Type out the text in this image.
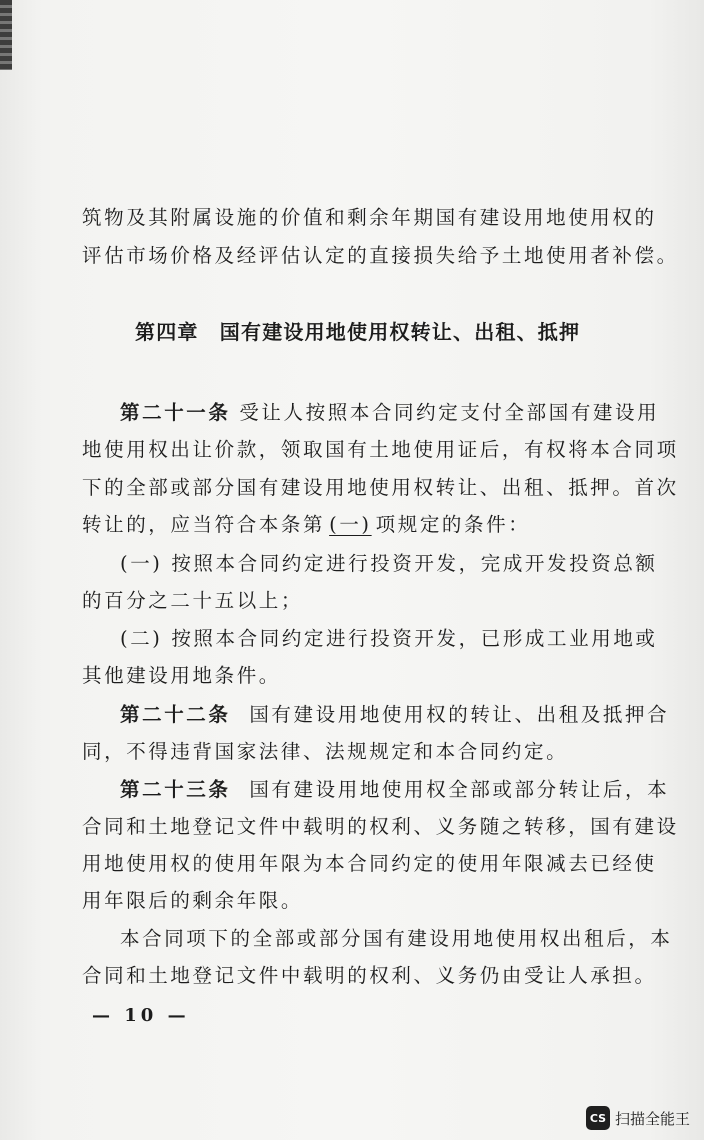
筑物及其附属设施的价值和剩余年期国有建设用地使用权的
评估市场价格及经评估认定的直接损失给予土地使用者补偿。
第四章　国有建设用地使用权转让、出租、抵押
第二十一条 受让人按照本合同约定支付全部国有建设用
地使用权出让价款，领取国有土地使用证后，有权将本合同项
下的全部或部分国有建设用地使用权转让、出租、抵押。首次
转让的，应当符合本条第 (一) 项规定的条件：
(一) 按照本合同约定进行投资开发，完成开发投资总额
的百分之二十五以上；
(二) 按照本合同约定进行投资开发，已形成工业用地或
其他建设用地条件。
第二十二条 国有建设用地使用权的转让、出租及抵押合
同，不得违背国家法律、法规规定和本合同约定。
第二十三条 国有建设用地使用权全部或部分转让后，本
合同和土地登记文件中载明的权利、义务随之转移，国有建设
用地使用权的使用年限为本合同约定的使用年限减去已经使
用年限后的剩余年限。
本合同项下的全部或部分国有建设用地使用权出租后，本
合同和土地登记文件中载明的权利、义务仍由受让人承担。
— 10 —
CS 扫描全能王
